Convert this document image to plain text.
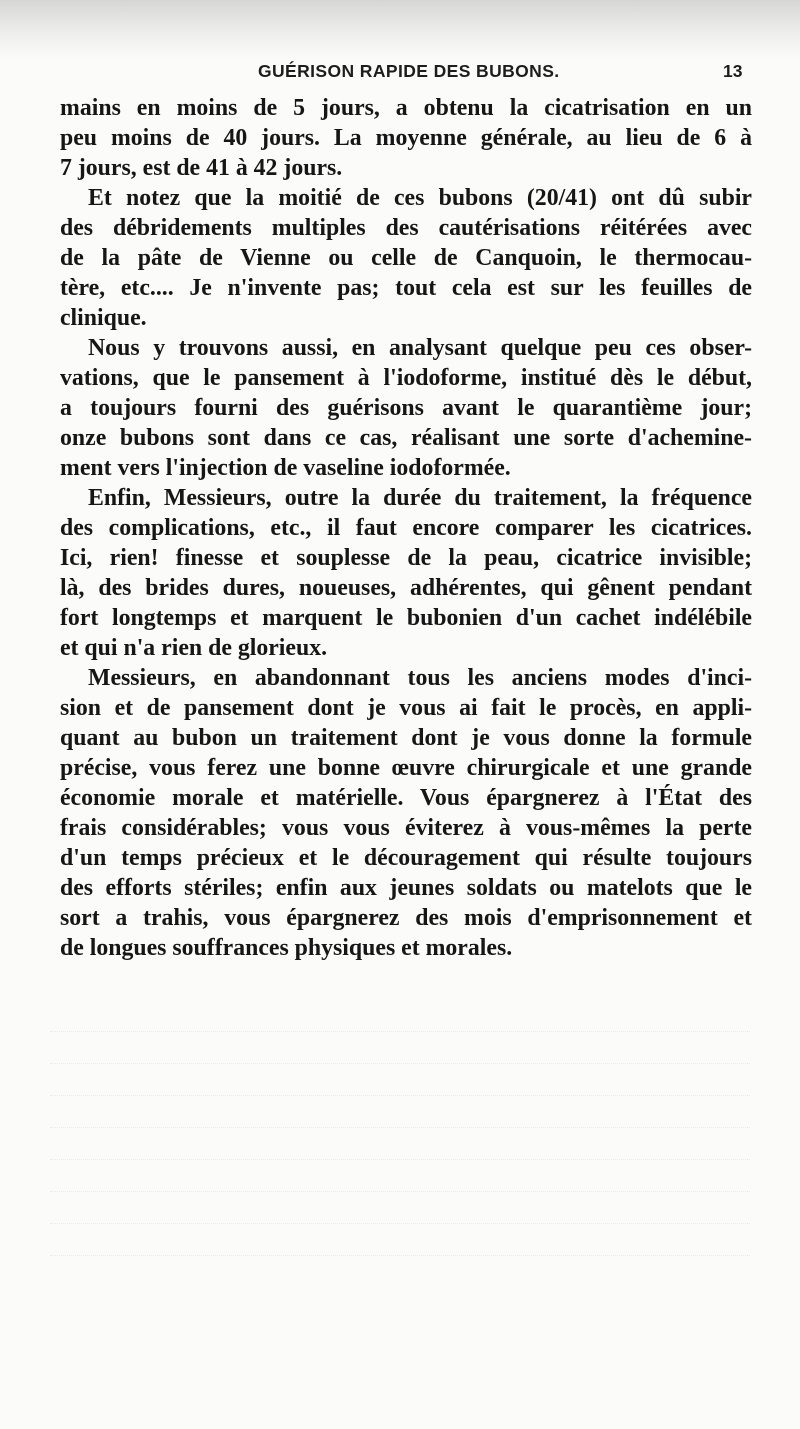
GUÉRISON RAPIDE DES BUBONS.	13
mains en moins de 5 jours, a obtenu la cicatrisation en un
peu moins de 40 jours. La moyenne générale, au lieu de 6 à
7 jours, est de 41 à 42 jours.
Et notez que la moitié de ces bubons (20/41) ont dû subir
des débridements multiples des cautérisations réitérées avec
de la pâte de Vienne ou celle de Canquoin, le thermocau-
tère, etc.... Je n'invente pas; tout cela est sur les feuilles de
clinique.
Nous y trouvons aussi, en analysant quelque peu ces obser-
vations, que le pansement à l'iodoforme, institué dès le début,
a toujours fourni des guérisons avant le quarantième jour;
onze bubons sont dans ce cas, réalisant une sorte d'achemine-
ment vers l'injection de vaseline iodoformée.
Enfin, Messieurs, outre la durée du traitement, la fréquence
des complications, etc., il faut encore comparer les cicatrices.
Ici, rien! finesse et souplesse de la peau, cicatrice invisible;
là, des brides dures, noueuses, adhérentes, qui gênent pendant
fort longtemps et marquent le bubonien d'un cachet indélébile
et qui n'a rien de glorieux.
Messieurs, en abandonnant tous les anciens modes d'inci-
sion et de pansement dont je vous ai fait le procès, en appli-
quant au bubon un traitement dont je vous donne la formule
précise, vous ferez une bonne œuvre chirurgicale et une grande
économie morale et matérielle. Vous épargnerez à l'État des
frais considérables; vous vous éviterez à vous-mêmes la perte
d'un temps précieux et le découragement qui résulte toujours
des efforts stériles; enfin aux jeunes soldats ou matelots que le
sort a trahis, vous épargnerez des mois d'emprisonnement et
de longues souffrances physiques et morales.
